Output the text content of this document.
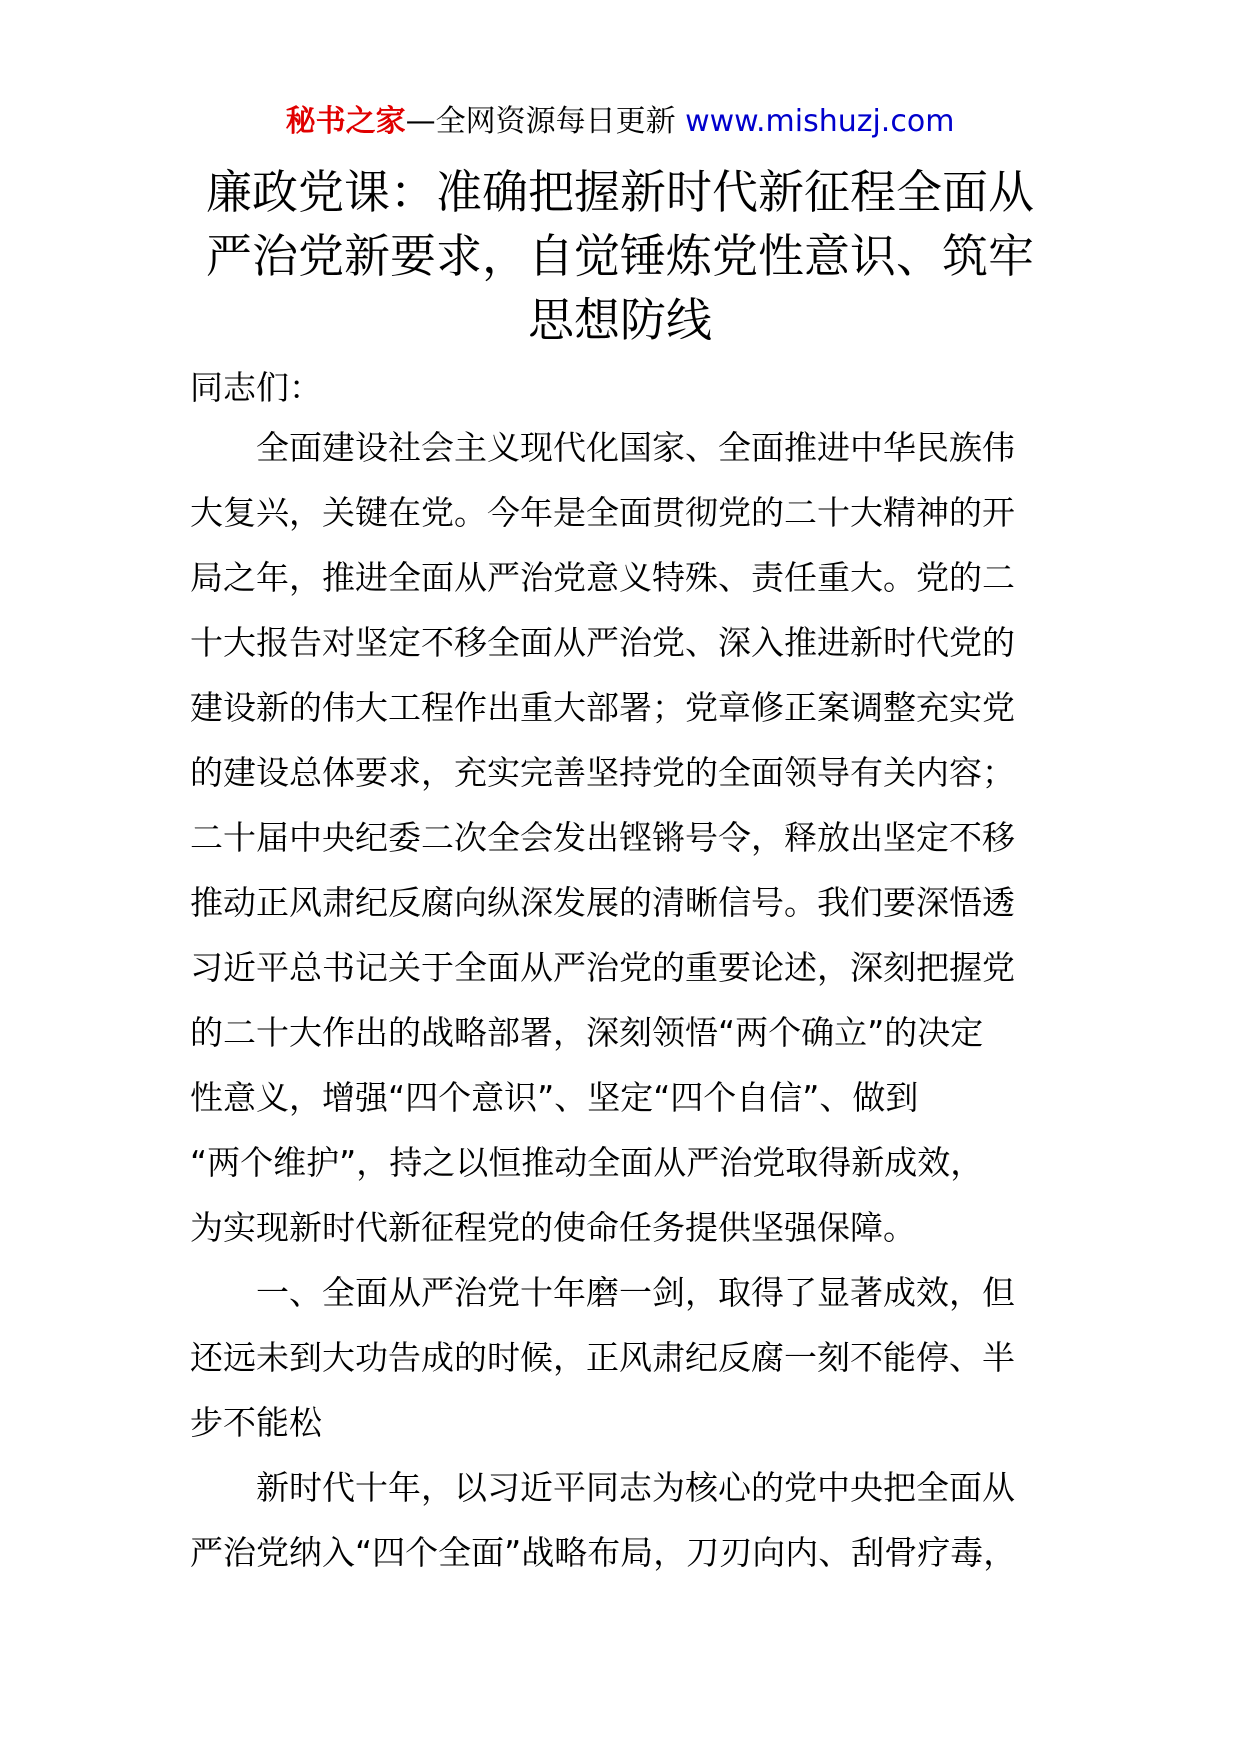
秘书之家—全网资源每日更新 www.mishuzj.com
廉政党课：准确把握新时代新征程全面从
严治党新要求，自觉锤炼党性意识、筑牢
思想防线
同志们：
全面建设社会主义现代化国家、全面推进中华民族伟
大复兴，关键在党。今年是全面贯彻党的二十大精神的开
局之年，推进全面从严治党意义特殊、责任重大。党的二
十大报告对坚定不移全面从严治党、深入推进新时代党的
建设新的伟大工程作出重大部署；党章修正案调整充实党
的建设总体要求，充实完善坚持党的全面领导有关内容；
二十届中央纪委二次全会发出铿锵号令，释放出坚定不移
推动正风肃纪反腐向纵深发展的清晰信号。我们要深悟透
习近平总书记关于全面从严治党的重要论述，深刻把握党
的二十大作出的战略部署，深刻领悟“两个确立”的决定
性意义，增强“四个意识”、坚定“四个自信”、做到
“两个维护”，持之以恒推动全面从严治党取得新成效，
为实现新时代新征程党的使命任务提供坚强保障。
一、全面从严治党十年磨一剑，取得了显著成效，但
还远未到大功告成的时候，正风肃纪反腐一刻不能停、半
步不能松
新时代十年，以习近平同志为核心的党中央把全面从
严治党纳入“四个全面”战略布局，刀刃向内、刮骨疗毒，
